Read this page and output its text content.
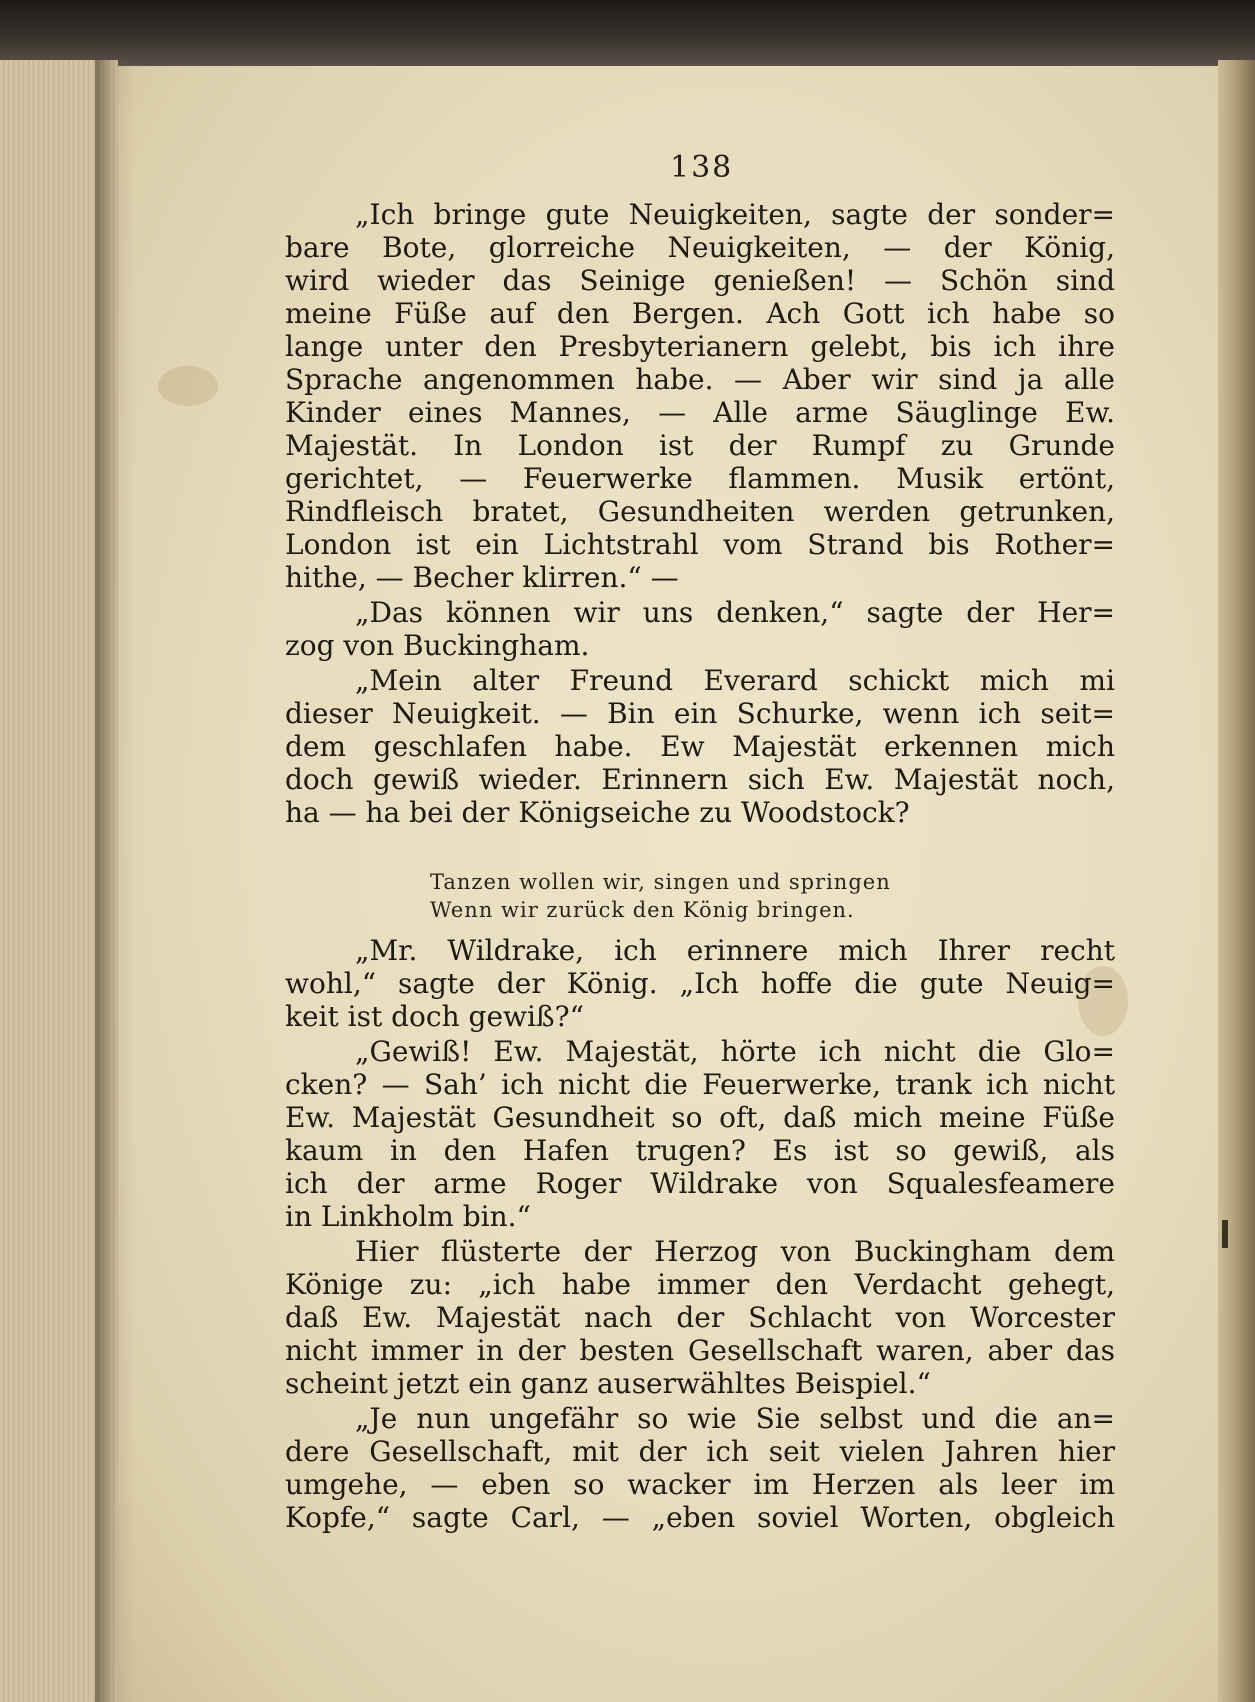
138
„Ich bringe gute Neuigkeiten, sagte der sonder=
bare Bote, glorreiche Neuigkeiten, — der König,
wird wieder das Seinige genießen! — Schön sind
meine Füße auf den Bergen. Ach Gott ich habe so
lange unter den Presbyterianern gelebt, bis ich ihre
Sprache angenommen habe. — Aber wir sind ja alle
Kinder eines Mannes, — Alle arme Säuglinge Ew.
Majestät. In London ist der Rumpf zu Grunde
gerichtet, — Feuerwerke flammen. Musik ertönt,
Rindfleisch bratet, Gesundheiten werden getrunken,
London ist ein Lichtstrahl vom Strand bis Rother=
hithe, — Becher klirren.“ —
„Das können wir uns denken,“ sagte der Her=
zog von Buckingham.
„Mein alter Freund Everard schickt mich mi
dieser Neuigkeit. — Bin ein Schurke, wenn ich seit=
dem geschlafen habe. Ew Majestät erkennen mich
doch gewiß wieder. Erinnern sich Ew. Majestät noch,
ha — ha bei der Königseiche zu Woodstock?
Tanzen wollen wir, singen und springen
Wenn wir zurück den König bringen.
„Mr. Wildrake, ich erinnere mich Ihrer recht
wohl,“ sagte der König. „Ich hoffe die gute Neuig=
keit ist doch gewiß?“
„Gewiß! Ew. Majestät, hörte ich nicht die Glo=
cken? — Sah’ ich nicht die Feuerwerke, trank ich nicht
Ew. Majestät Gesundheit so oft, daß mich meine Füße
kaum in den Hafen trugen? Es ist so gewiß, als
ich der arme Roger Wildrake von Squalesfeamere
in Linkholm bin.“
Hier flüsterte der Herzog von Buckingham dem
Könige zu: „ich habe immer den Verdacht gehegt,
daß Ew. Majestät nach der Schlacht von Worcester
nicht immer in der besten Gesellschaft waren, aber das
scheint jetzt ein ganz auserwähltes Beispiel.“
„Je nun ungefähr so wie Sie selbst und die an=
dere Gesellschaft, mit der ich seit vielen Jahren hier
umgehe, — eben so wacker im Herzen als leer im
Kopfe,“ sagte Carl, — „eben soviel Worten, obgleich
